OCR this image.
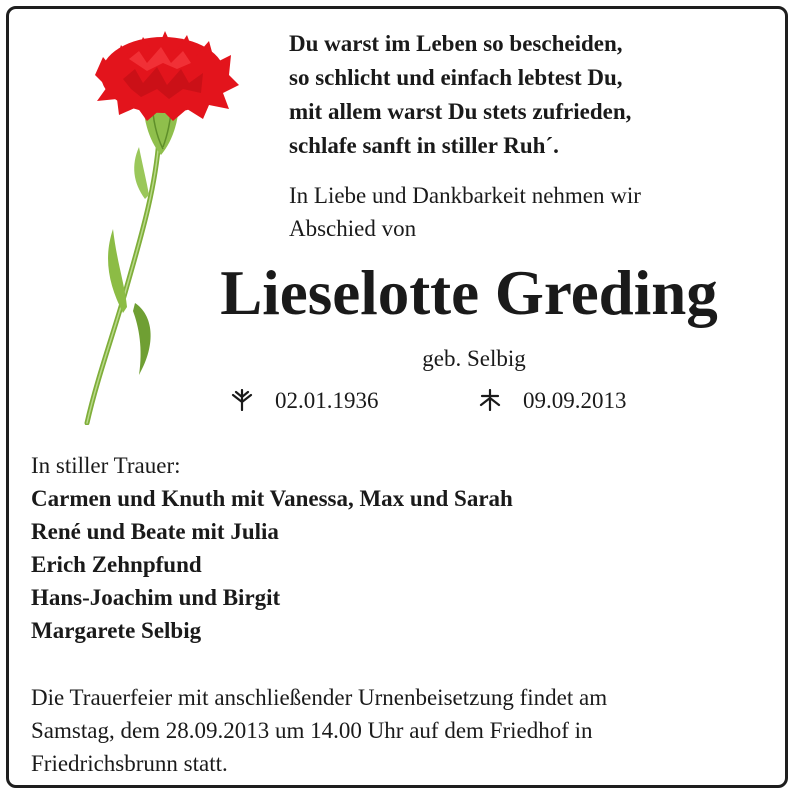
Du warst im Leben so bescheiden,
so schlicht und einfach lebtest Du,
mit allem warst Du stets zufrieden,
schlafe sanft in stiller Ruh´.
In Liebe und Dankbarkeit nehmen wir
Abschied von
Lieselotte Greding
geb. Selbig
02.01.1936	09.09.2013
In stiller Trauer:
Carmen und Knuth mit Vanessa, Max und Sarah
René und Beate mit Julia
Erich Zehnpfund
Hans-Joachim und Birgit
Margarete Selbig
Die Trauerfeier mit anschließender Urnenbeisetzung findet am
Samstag, dem 28.09.2013 um 14.00 Uhr auf dem Friedhof in
Friedrichsbrunn statt.
